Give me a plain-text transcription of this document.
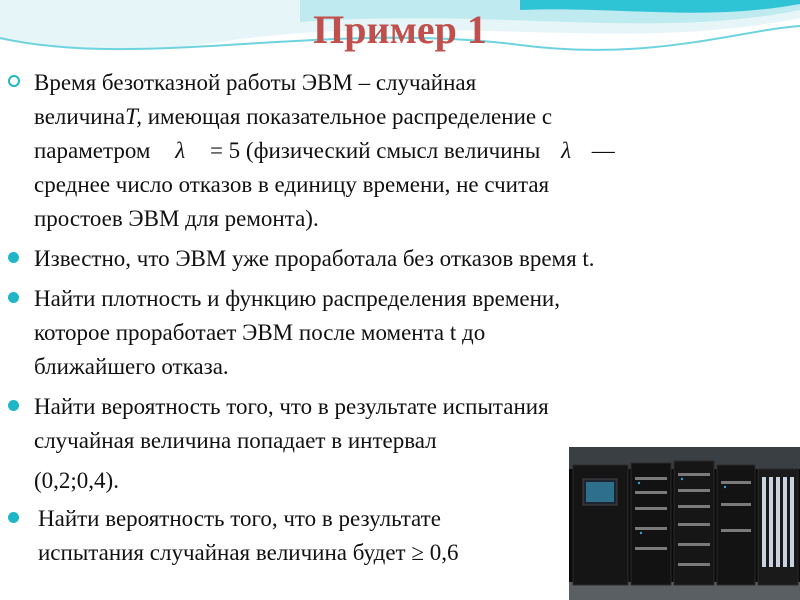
Пример 1
Время безотказной работы ЭВМ – случайная
величинаT, имеющая показательное распределение с
параметром λ = 5 (физический смысл величины λ —
среднее число отказов в единицу времени, не считая
простоев ЭВМ для ремонта).
Известно, что ЭВМ уже проработала без отказов время t.
Найти плотность и функцию распределения времени,
которое проработает ЭВМ после момента t до
ближайшего отказа.
Найти вероятность того, что в результате испытания
случайная величина попадает в интервал
(0,2;0,4).
Найти вероятность того, что в результате
испытания случайная величина будет ≥ 0,6
